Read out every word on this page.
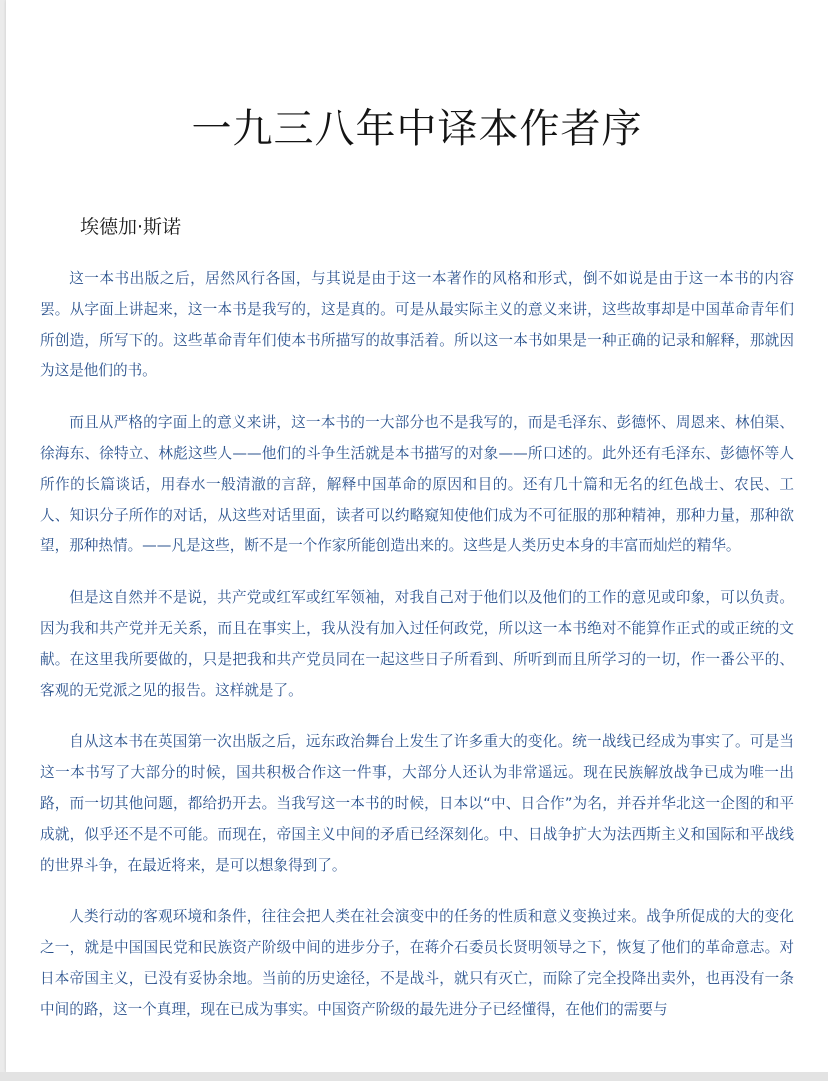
一九三八年中译本作者序
埃德加·斯诺

这一本书出版之后，居然风行各国，与其说是由于这一本著作的风格和形式，倒不如说是由于这一本书的内容罢。从字面上讲起来，这一本书是我写的，这是真的。可是从最实际主义的意义来讲，这些故事却是中国革命青年们所创造，所写下的。这些革命青年们使本书所描写的故事活着。所以这一本书如果是一种正确的记录和解释，那就因为这是他们的书。

而且从严格的字面上的意义来讲，这一本书的一大部分也不是我写的，而是毛泽东、彭德怀、周恩来、林伯渠、徐海东、徐特立、林彪这些人——他们的斗争生活就是本书描写的对象——所口述的。此外还有毛泽东、彭德怀等人所作的长篇谈话，用春水一般清澈的言辞，解释中国革命的原因和目的。还有几十篇和无名的红色战士、农民、工人、知识分子所作的对话，从这些对话里面，读者可以约略窥知使他们成为不可征服的那种精神，那种力量，那种欲望，那种热情。——凡是这些，断不是一个作家所能创造出来的。这些是人类历史本身的丰富而灿烂的精华。

但是这自然并不是说，共产党或红军或红军领袖，对我自己对于他们以及他们的工作的意见或印象，可以负责。因为我和共产党并无关系，而且在事实上，我从没有加入过任何政党，所以这一本书绝对不能算作正式的或正统的文献。在这里我所要做的，只是把我和共产党员同在一起这些日子所看到、所听到而且所学习的一切，作一番公平的、客观的无党派之见的报告。这样就是了。

自从这本书在英国第一次出版之后，远东政治舞台上发生了许多重大的变化。统一战线已经成为事实了。可是当这一本书写了大部分的时候，国共积极合作这一件事，大部分人还认为非常遥远。现在民族解放战争已成为唯一出路，而一切其他问题，都给扔开去。当我写这一本书的时候，日本以“中、日合作”为名，并吞并华北这一企图的和平成就，似乎还不是不可能。而现在，帝国主义中间的矛盾已经深刻化。中、日战争扩大为法西斯主义和国际和平战线的世界斗争，在最近将来，是可以想象得到了。

人类行动的客观环境和条件，往往会把人类在社会演变中的任务的性质和意义变换过来。战争所促成的大的变化之一，就是中国国民党和民族资产阶级中间的进步分子，在蒋介石委员长贤明领导之下，恢复了他们的革命意志。对日本帝国主义，已没有妥协余地。当前的历史途径，不是战斗，就只有灭亡，而除了完全投降出卖外，也再没有一条中间的路，这一个真理，现在已成为事实。中国资产阶级的最先进分子已经懂得，在他们的需要与
